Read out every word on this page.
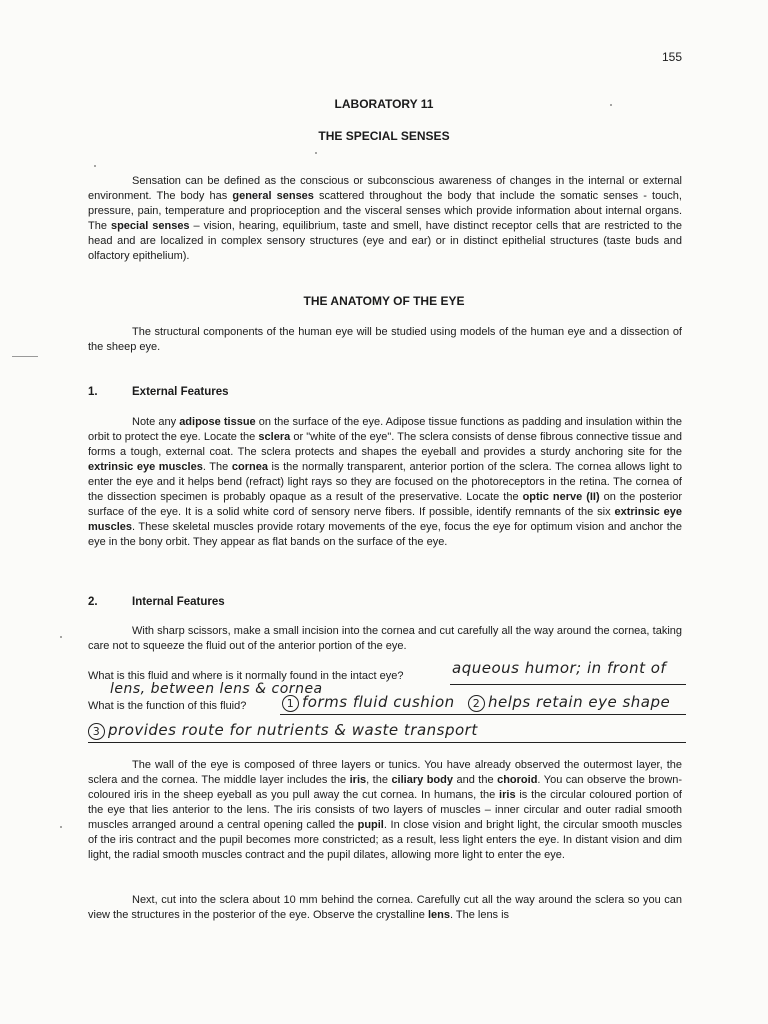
155
LABORATORY 11
THE SPECIAL SENSES
Sensation can be defined as the conscious or subconscious awareness of changes in the internal or external environment. The body has general senses scattered throughout the body that include the somatic senses - touch, pressure, pain, temperature and proprioception and the visceral senses which provide information about internal organs. The special senses – vision, hearing, equilibrium, taste and smell, have distinct receptor cells that are restricted to the head and are localized in complex sensory structures (eye and ear) or in distinct epithelial structures (taste buds and olfactory epithelium).
THE ANATOMY OF THE EYE
The structural components of the human eye will be studied using models of the human eye and a dissection of the sheep eye.
1.	External Features
Note any adipose tissue on the surface of the eye. Adipose tissue functions as padding and insulation within the orbit to protect the eye. Locate the sclera or "white of the eye". The sclera consists of dense fibrous connective tissue and forms a tough, external coat. The sclera protects and shapes the eyeball and provides a sturdy anchoring site for the extrinsic eye muscles. The cornea is the normally transparent, anterior portion of the sclera. The cornea allows light to enter the eye and it helps bend (refract) light rays so they are focused on the photoreceptors in the retina. The cornea of the dissection specimen is probably opaque as a result of the preservative. Locate the optic nerve (II) on the posterior surface of the eye. It is a solid white cord of sensory nerve fibers. If possible, identify remnants of the six extrinsic eye muscles. These skeletal muscles provide rotary movements of the eye, focus the eye for optimum vision and anchor the eye in the bony orbit. They appear as flat bands on the surface of the eye.
2.	Internal Features
With sharp scissors, make a small incision into the cornea and cut carefully all the way around the cornea, taking care not to squeeze the fluid out of the anterior portion of the eye.
What is this fluid and where is it normally found in the intact eye?	aqueous humor; in front of
lens, between lens & cornea
What is the function of this fluid?	1 forms fluid cushion 2 helps retain eye shape
3 provides route for nutrients & waste transport
The wall of the eye is composed of three layers or tunics. You have already observed the outermost layer, the sclera and the cornea. The middle layer includes the iris, the ciliary body and the choroid. You can observe the brown-coloured iris in the sheep eyeball as you pull away the cut cornea. In humans, the iris is the circular coloured portion of the eye that lies anterior to the lens. The iris consists of two layers of muscles – inner circular and outer radial smooth muscles arranged around a central opening called the pupil. In close vision and bright light, the circular smooth muscles of the iris contract and the pupil becomes more constricted; as a result, less light enters the eye. In distant vision and dim light, the radial smooth muscles contract and the pupil dilates, allowing more light to enter the eye.
Next, cut into the sclera about 10 mm behind the cornea. Carefully cut all the way around the sclera so you can view the structures in the posterior of the eye. Observe the crystalline lens. The lens is
